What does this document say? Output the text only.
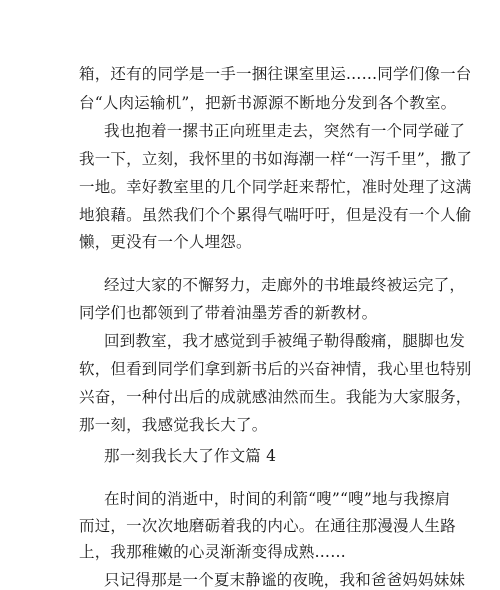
箱，还有的同学是一手一捆往课室里运……同学们像一台
台“人肉运输机”，把新书源源不断地分发到各个教室。
我也抱着一摞书正向班里走去，突然有一个同学碰了
我一下，立刻，我怀里的书如海潮一样“一泻千里”，撒了
一地。幸好教室里的几个同学赶来帮忙，准时处理了这满
地狼藉。虽然我们个个累得气喘吁吁，但是没有一个人偷
懒，更没有一个人埋怨。
经过大家的不懈努力，走廊外的书堆最终被运完了，
同学们也都领到了带着油墨芳香的新教材。
回到教室，我才感觉到手被绳子勒得酸痛，腿脚也发
软，但看到同学们拿到新书后的兴奋神情，我心里也特别
兴奋，一种付出后的成就感油然而生。我能为大家服务，
那一刻，我感觉我长大了。
那一刻我长大了作文篇 4
在时间的消逝中，时间的利箭“嗖”“嗖”地与我擦肩
而过，一次次地磨砺着我的内心。在通往那漫漫人生路
上，我那稚嫩的心灵渐渐变得成熟……
只记得那是一个夏末静谧的夜晚，我和爸爸妈妈妹妹
